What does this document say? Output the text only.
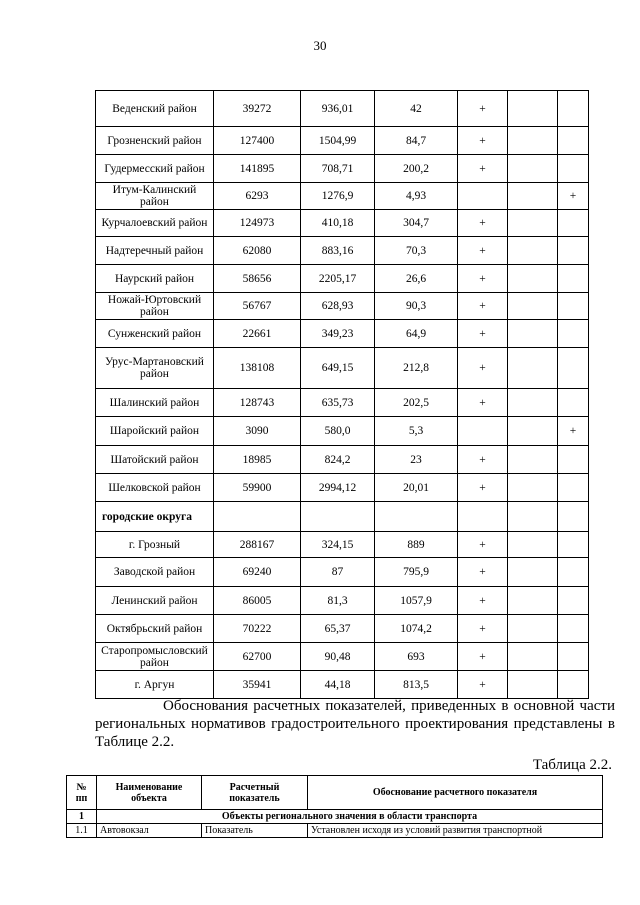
30
Веденский район	39272	936,01	42	+		
Грозненский район	127400	1504,99	84,7	+		
Гудермесский район	141895	708,71	200,2	+		
Итум-Калинский район	6293	1276,9	4,93			+
Курчалоевский район	124973	410,18	304,7	+		
Надтеречный район	62080	883,16	70,3	+		
Наурский район	58656	2205,17	26,6	+		
Ножай-Юртовский район	56767	628,93	90,3	+		
Сунженский район	22661	349,23	64,9	+		
Урус-Мартановский район	138108	649,15	212,8	+		
Шалинский район	128743	635,73	202,5	+		
Шаройский район	3090	580,0	5,3			+
Шатойский район	18985	824,2	23	+		
Шелковской район	59900	2994,12	20,01	+		
городские округа						
г. Грозный	288167	324,15	889	+		
Заводской район	69240	87	795,9	+		
Ленинский район	86005	81,3	1057,9	+		
Октябрьский район	70222	65,37	1074,2	+		
Старопромысловский район	62700	90,48	693	+		
г. Аргун	35941	44,18	813,5	+		
Обоснования расчетных показателей, приведенных в основной части региональных нормативов градостроительного проектирования представлены в Таблице 2.2.
Таблица 2.2.
№ пп	Наименование объекта	Расчетный показатель	Обоснование расчетного показателя
1	Объекты регионального значения в области транспорта		
1.1	Автовокзал	Показатель	Установлен исходя из условий развития транспортной
